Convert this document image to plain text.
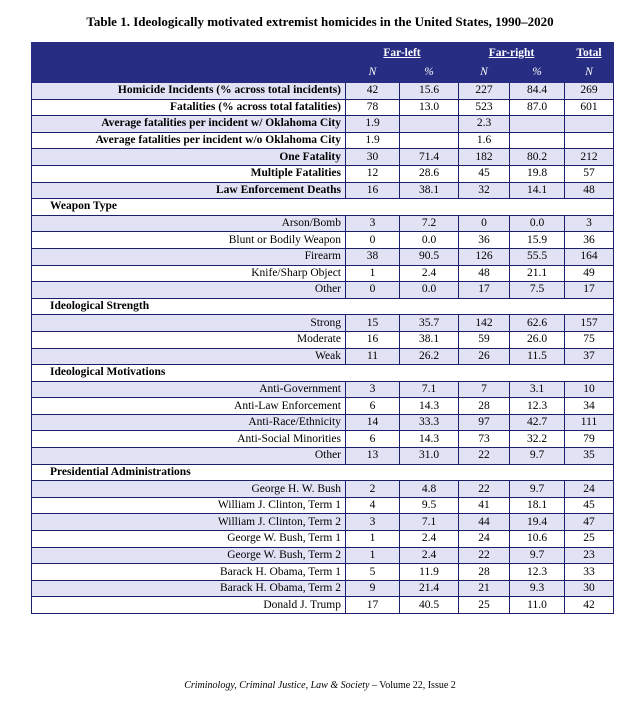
Table 1. Ideologically motivated extremist homicides in the United States, 1990–2020
	Far-left		Far-right		Total
	N	%	N	%	N
Homicide Incidents (% across total incidents)	42	15.6	227	84.4	269
Fatalities (% across total fatalities)	78	13.0	523	87.0	601
Average fatalities per incident w/ Oklahoma City	1.9		2.3		
Average fatalities per incident w/o Oklahoma City	1.9		1.6		
One Fatality	30	71.4	182	80.2	212
Multiple Fatalities	12	28.6	45	19.8	57
Law Enforcement Deaths	16	38.1	32	14.1	48
Weapon Type					
Arson/Bomb	3	7.2	0	0.0	3
Blunt or Bodily Weapon	0	0.0	36	15.9	36
Firearm	38	90.5	126	55.5	164
Knife/Sharp Object	1	2.4	48	21.1	49
Other	0	0.0	17	7.5	17
Ideological Strength					
Strong	15	35.7	142	62.6	157
Moderate	16	38.1	59	26.0	75
Weak	11	26.2	26	11.5	37
Ideological Motivations					
Anti-Government	3	7.1	7	3.1	10
Anti-Law Enforcement	6	14.3	28	12.3	34
Anti-Race/Ethnicity	14	33.3	97	42.7	111
Anti-Social Minorities	6	14.3	73	32.2	79
Other	13	31.0	22	9.7	35
Presidential Administrations					
George H. W. Bush	2	4.8	22	9.7	24
William J. Clinton, Term 1	4	9.5	41	18.1	45
William J. Clinton, Term 2	3	7.1	44	19.4	47
George W. Bush, Term 1	1	2.4	24	10.6	25
George W. Bush, Term 2	1	2.4	22	9.7	23
Barack H. Obama, Term 1	5	11.9	28	12.3	33
Barack H. Obama, Term 2	9	21.4	21	9.3	30
Donald J. Trump	17	40.5	25	11.0	42
Criminology, Criminal Justice, Law & Society – Volume 22, Issue 2
